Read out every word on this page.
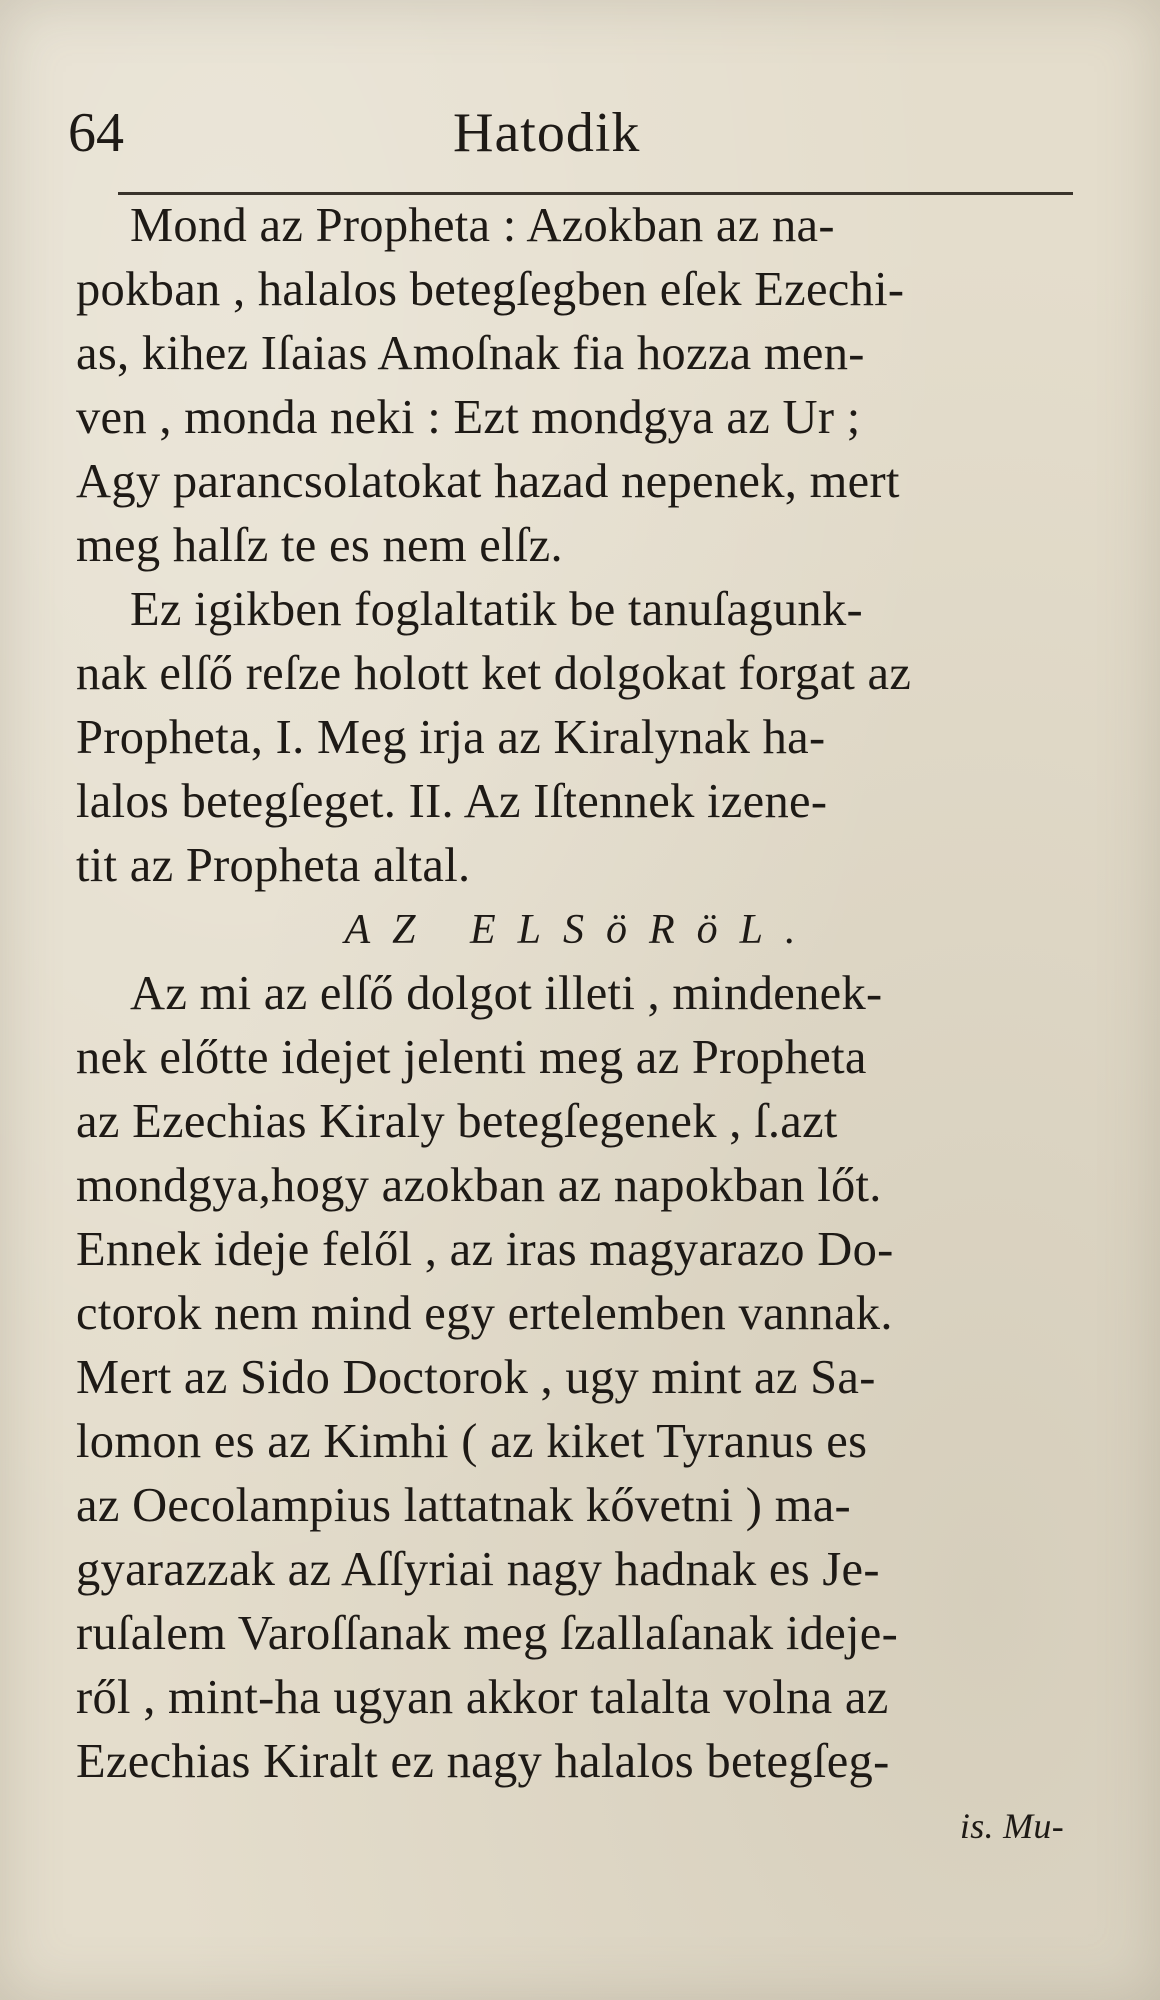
64	Hatodik
Mond az Propheta : Azokban az na-
pokban , halalos betegſegben eſek Ezechi-
as, kihez Iſaias Amoſnak fia hozza men-
ven , monda neki : Ezt mondgya az Ur ;
Agy parancsolatokat hazad nepenek, mert
meg halſz te es nem elſz.
Ez igikben foglaltatik be tanuſagunk-
nak elſő reſze holott ket dolgokat forgat az
Propheta, I. Meg irja az Kiralynak ha-
lalos betegſeget. II. Az Iſtennek izene-
tit az Propheta altal.
AZ ELSöRöL.
Az mi az elſő dolgot illeti , mindenek-
nek előtte idejet jelenti meg az Propheta
az Ezechias Kiraly betegſegenek , ſ.azt
mondgya,hogy azokban az napokban lőt.
Ennek ideje felől , az iras magyarazo Do-
ctorok nem mind egy ertelemben vannak.
Mert az Sido Doctorok , ugy mint az Sa-
lomon es az Kimhi ( az kiket Tyranus es
az Oecolampius lattatnak kővetni ) ma-
gyarazzak az Aſſyriai nagy hadnak es Je-
ruſalem Varoſſanak meg ſzallaſanak ideje-
ről , mint-ha ugyan akkor talalta volna az
Ezechias Kiralt ez nagy halalos betegſeg-
is. Mu-
